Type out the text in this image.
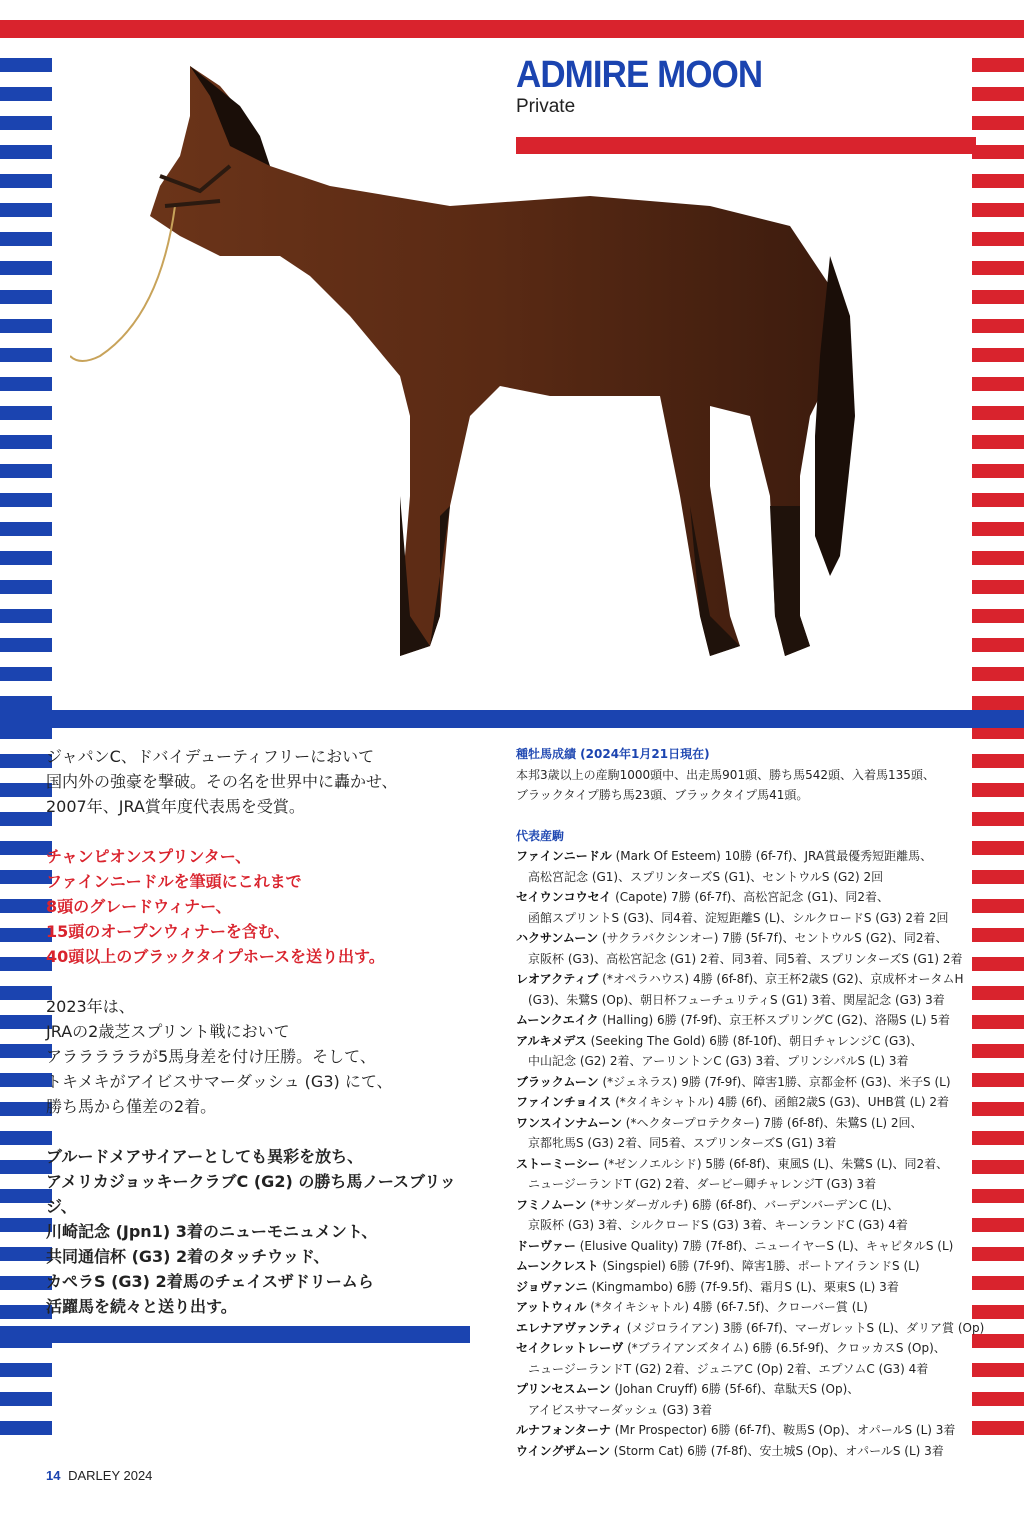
ADMIRE MOON
Private

ジャパンC、ドバイデューティフリーにおいて
国内外の強豪を撃破。その名を世界中に轟かせ、
2007年、JRA賞年度代表馬を受賞。

チャンピオンスプリンター、
ファインニードルを筆頭にこれまで
8頭のグレードウィナー、
15頭のオープンウィナーを含む、
40頭以上のブラックタイプホースを送り出す。

2023年は、
JRAの2歳芝スプリント戦において
アラララララが5馬身差を付け圧勝。そして、
トキメキがアイビスサマーダッシュ (G3) にて、
勝ち馬から僅差の2着。

ブルードメアサイアーとしても異彩を放ち、
アメリカジョッキークラブC (G2) の勝ち馬ノースブリッジ、
川崎記念 (Jpn1) 3着のニューモニュメント、
共同通信杯 (G3) 2着のタッチウッド、
カペラS (G3) 2着馬のチェイスザドリームら
活躍馬を続々と送り出す。

種牡馬成績 (2024年1月21日現在)
本邦3歳以上の産駒1000頭中、出走馬901頭、勝ち馬542頭、入着馬135頭、
ブラックタイプ勝ち馬23頭、ブラックタイプ馬41頭。
代表産駒
ファインニードル (Mark Of Esteem) 10勝 (6f-7f)、JRA賞最優秀短距離馬、
高松宮記念 (G1)、スプリンターズS (G1)、セントウルS (G2) 2回
セイウンコウセイ (Capote) 7勝 (6f-7f)、高松宮記念 (G1)、同2着、
函館スプリントS (G3)、同4着、淀短距離S (L)、シルクロードS (G3) 2着 2回
ハクサンムーン (サクラバクシンオー) 7勝 (5f-7f)、セントウルS (G2)、同2着、
京阪杯 (G3)、高松宮記念 (G1) 2着、同3着、同5着、スプリンターズS (G1) 2着
レオアクティブ (*オペラハウス) 4勝 (6f-8f)、京王杯2歳S (G2)、京成杯オータムH
(G3)、朱鷺S (Op)、朝日杯フューチュリティS (G1) 3着、関屋記念 (G3) 3着
ムーンクエイク (Halling) 6勝 (7f-9f)、京王杯スプリングC (G2)、洛陽S (L) 5着
アルキメデス (Seeking The Gold) 6勝 (8f-10f)、朝日チャレンジC (G3)、
中山記念 (G2) 2着、アーリントンC (G3) 3着、プリンシパルS (L) 3着
ブラックムーン (*ジェネラス) 9勝 (7f-9f)、障害1勝、京都金杯 (G3)、米子S (L)
ファインチョイス (*タイキシャトル) 4勝 (6f)、函館2歳S (G3)、UHB賞 (L) 2着
ワンスインナムーン (*ヘクタープロテクター) 7勝 (6f-8f)、朱鷺S (L) 2回、
京都牝馬S (G3) 2着、同5着、スプリンターズS (G1) 3着
ストーミーシー (*ゼンノエルシド) 5勝 (6f-8f)、東風S (L)、朱鷺S (L)、同2着、
ニュージーランドT (G2) 2着、ダービー卿チャレンジT (G3) 3着
フミノムーン (*サンダーガルチ) 6勝 (6f-8f)、バーデンバーデンC (L)、
京阪杯 (G3) 3着、シルクロードS (G3) 3着、キーンランドC (G3) 4着
ドーヴァー (Elusive Quality) 7勝 (7f-8f)、ニューイヤーS (L)、キャピタルS (L)
ムーンクレスト (Singspiel) 6勝 (7f-9f)、障害1勝、ポートアイランドS (L)
ジョヴァンニ (Kingmambo) 6勝 (7f-9.5f)、霜月S (L)、栗東S (L) 3着
アットウィル (*タイキシャトル) 4勝 (6f-7.5f)、クローバー賞 (L)
エレナアヴァンティ (メジロライアン) 3勝 (6f-7f)、マーガレットS (L)、ダリア賞 (Op)
セイクレットレーヴ (*ブライアンズタイム) 6勝 (6.5f-9f)、クロッカスS (Op)、
ニュージーランドT (G2) 2着、ジュニアC (Op) 2着、エプソムC (G3) 4着
プリンセスムーン (Johan Cruyff) 6勝 (5f-6f)、韋駄天S (Op)、
アイビスサマーダッシュ (G3) 3着
ルナフォンターナ (Mr Prospector) 6勝 (6f-7f)、鞍馬S (Op)、オパールS (L) 3着
ウイングザムーン (Storm Cat) 6勝 (7f-8f)、安土城S (Op)、オパールS (L) 3着
14 DARLEY 2024
